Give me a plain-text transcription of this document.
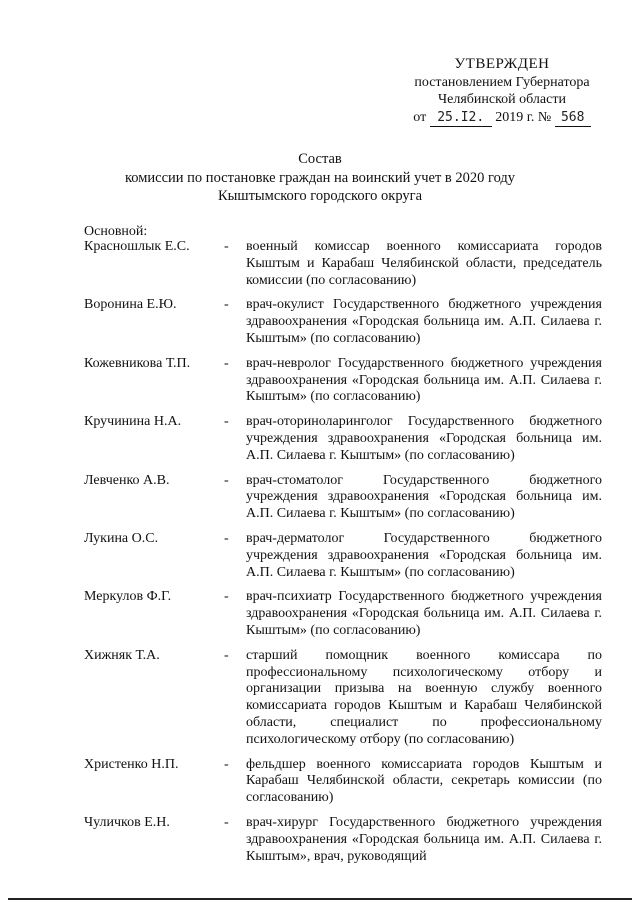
УТВЕРЖДЕН
постановлением Губернатора
Челябинской области
от 25.I2. 2019 г. № 568
Состав
комиссии по постановке граждан на воинский учет в 2020 году
Кыштымского городского округа
Основной:
Красношлык Е.С.	-	военный комиссар военного комиссариата городов Кыштым и Карабаш Челябинской области, председатель комиссии (по согласованию)
Воронина Е.Ю.	-	врач-окулист Государственного бюджетного учреждения здравоохранения «Городская больница им. А.П. Силаева г. Кыштым» (по согласованию)
Кожевникова Т.П.	-	врач-невролог Государственного бюджетного учреждения здравоохранения «Городская больница им. А.П. Силаева г. Кыштым» (по согласованию)
Кручинина Н.А.	-	врач-оториноларинголог Государственного бюджетного учреждения здравоохранения «Городская больница им. А.П. Силаева г. Кыштым» (по согласованию)
Левченко А.В.	-	врач-стоматолог Государственного бюджетного учреждения здравоохранения «Городская больница им. А.П. Силаева г. Кыштым» (по согласованию)
Лукина О.С.	-	врач-дерматолог Государственного бюджетного учреждения здравоохранения «Городская больница им. А.П. Силаева г. Кыштым» (по согласованию)
Меркулов Ф.Г.	-	врач-психиатр Государственного бюджетного учреждения здравоохранения «Городская больница им. А.П. Силаева г. Кыштым» (по согласованию)
Хижняк Т.А.	-	старший помощник военного комиссара по профессиональному психологическому отбору и организации призыва на военную службу военного комиссариата городов Кыштым и Карабаш Челябинской области, специалист по профессиональному психологическому отбору (по согласованию)
Христенко Н.П.	-	фельдшер военного комиссариата городов Кыштым и Карабаш Челябинской области, секретарь комиссии (по согласованию)
Чуличков Е.Н.	-	врач-хирург Государственного бюджетного учреждения здравоохранения «Городская больница им. А.П. Силаева г. Кыштым», врач, руководящий
